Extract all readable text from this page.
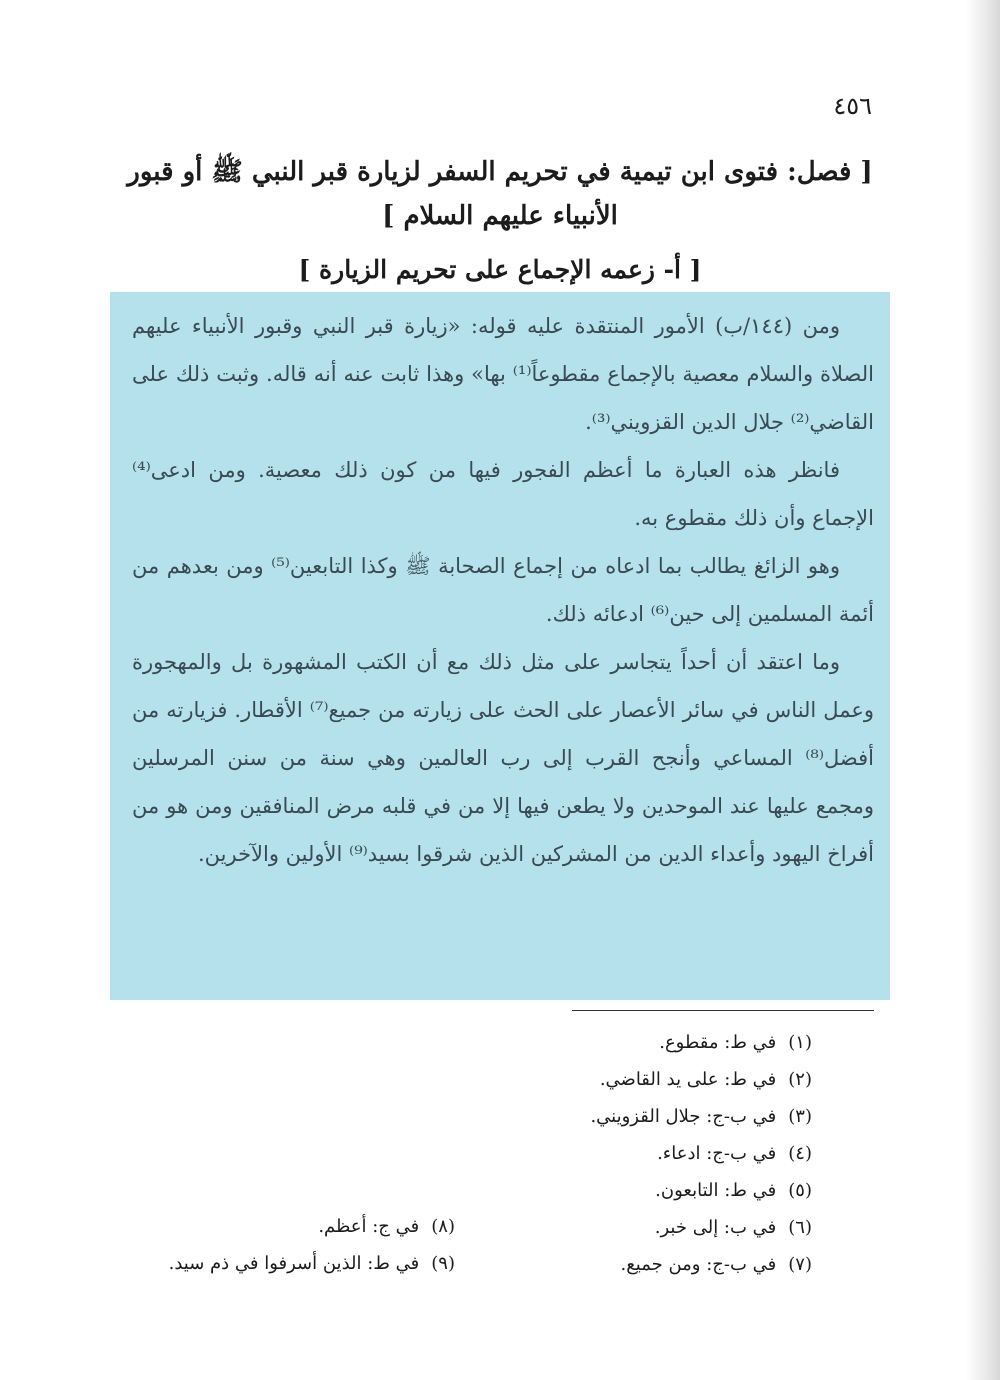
٤٥٦
[ فصل: فتوى ابن تيمية في تحريم السفر لزيارة قبر النبي ﷺ أو قبور
الأنبياء عليهم السلام ]
[ أ- زعمه الإجماع على تحريم الزيارة ]

ومن (١٤٤/ب) الأمور المنتقدة عليه قوله: «زيارة قبر النبي وقبور الأنبياء عليهم الصلاة والسلام معصية بالإجماع مقطوعاً⁽¹⁾ بها» وهذا ثابت عنه أنه قاله. وثبت ذلك على القاضي⁽²⁾ جلال الدين القزويني⁽³⁾.

فانظر هذه العبارة ما أعظم الفجور فيها من كون ذلك معصية. ومن ادعى⁽⁴⁾ الإجماع وأن ذلك مقطوع به.

وهو الزائغ يطالب بما ادعاه من إجماع الصحابة ﷺ وكذا التابعين⁽⁵⁾ ومن بعدهم من أئمة المسلمين إلى حين⁽⁶⁾ ادعائه ذلك.

وما اعتقد أن أحداً يتجاسر على مثل ذلك مع أن الكتب المشهورة بل والمهجورة وعمل الناس في سائر الأعصار على الحث على زيارته من جميع⁽⁷⁾ الأقطار. فزيارته من أفضل⁽⁸⁾ المساعي وأنجح القرب إلى رب العالمين وهي سنة من سنن المرسلين ومجمع عليها عند الموحدين ولا يطعن فيها إلا من في قلبه مرض المنافقين ومن هو من أفراخ اليهود وأعداء الدين من المشركين الذين شرقوا بسيد⁽⁹⁾ الأولين والآخرين.

(١)في ط: مقطوع.
(٢)في ط: على يد القاضي.
(٣)في ب-ج: جلال القزويني.
(٤)في ب-ج: ادعاء.
(٥)في ط: التابعون.
(٦)في ب: إلى خبر.
(٧)في ب-ج: ومن جميع.
(٨)في ج: أعظم.
(٩)في ط: الذين أسرفوا في ذم سيد.
